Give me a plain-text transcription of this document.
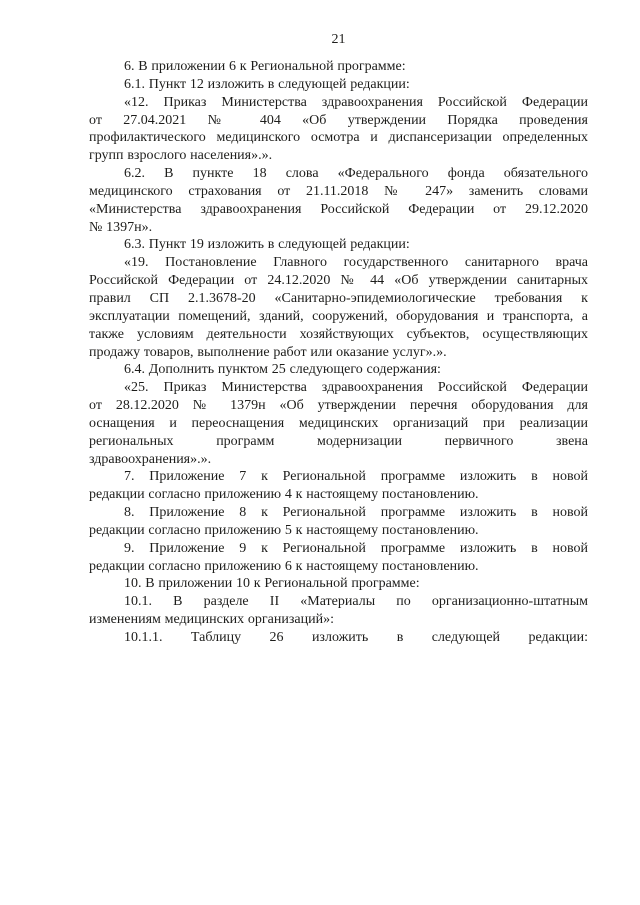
21
6. В приложении 6 к Региональной программе:
6.1. Пункт 12 изложить в следующей редакции:
«12. Приказ Министерства здравоохранения Российской Федерации
от 27.04.2021 № 404 «Об утверждении Порядка проведения
профилактического медицинского осмотра и диспансеризации определенных
групп взрослого населения».».
6.2. В пункте 18 слова «Федерального фонда обязательного
медицинского страхования от 21.11.2018 № 247» заменить словами
«Министерства здравоохранения Российской Федерации от 29.12.2020
№ 1397н».
6.3. Пункт 19 изложить в следующей редакции:
«19. Постановление Главного государственного санитарного врача
Российской Федерации от 24.12.2020 № 44 «Об утверждении санитарных
правил СП 2.1.3678-20 «Санитарно-эпидемиологические требования к
эксплуатации помещений, зданий, сооружений, оборудования и транспорта, а
также условиям деятельности хозяйствующих субъектов, осуществляющих
продажу товаров, выполнение работ или оказание услуг».».
6.4. Дополнить пунктом 25 следующего содержания:
«25. Приказ Министерства здравоохранения Российской Федерации
от 28.12.2020 № 1379н «Об утверждении перечня оборудования для
оснащения и переоснащения медицинских организаций при реализации
региональных программ модернизации первичного звена
здравоохранения».».
7. Приложение 7 к Региональной программе изложить в новой
редакции согласно приложению 4 к настоящему постановлению.
8. Приложение 8 к Региональной программе изложить в новой
редакции согласно приложению 5 к настоящему постановлению.
9. Приложение 9 к Региональной программе изложить в новой
редакции согласно приложению 6 к настоящему постановлению.
10. В приложении 10 к Региональной программе:
10.1. В разделе II «Материалы по организационно-штатным
изменениям медицинских организаций»:
10.1.1. Таблицу 26 изложить в следующей редакции:
